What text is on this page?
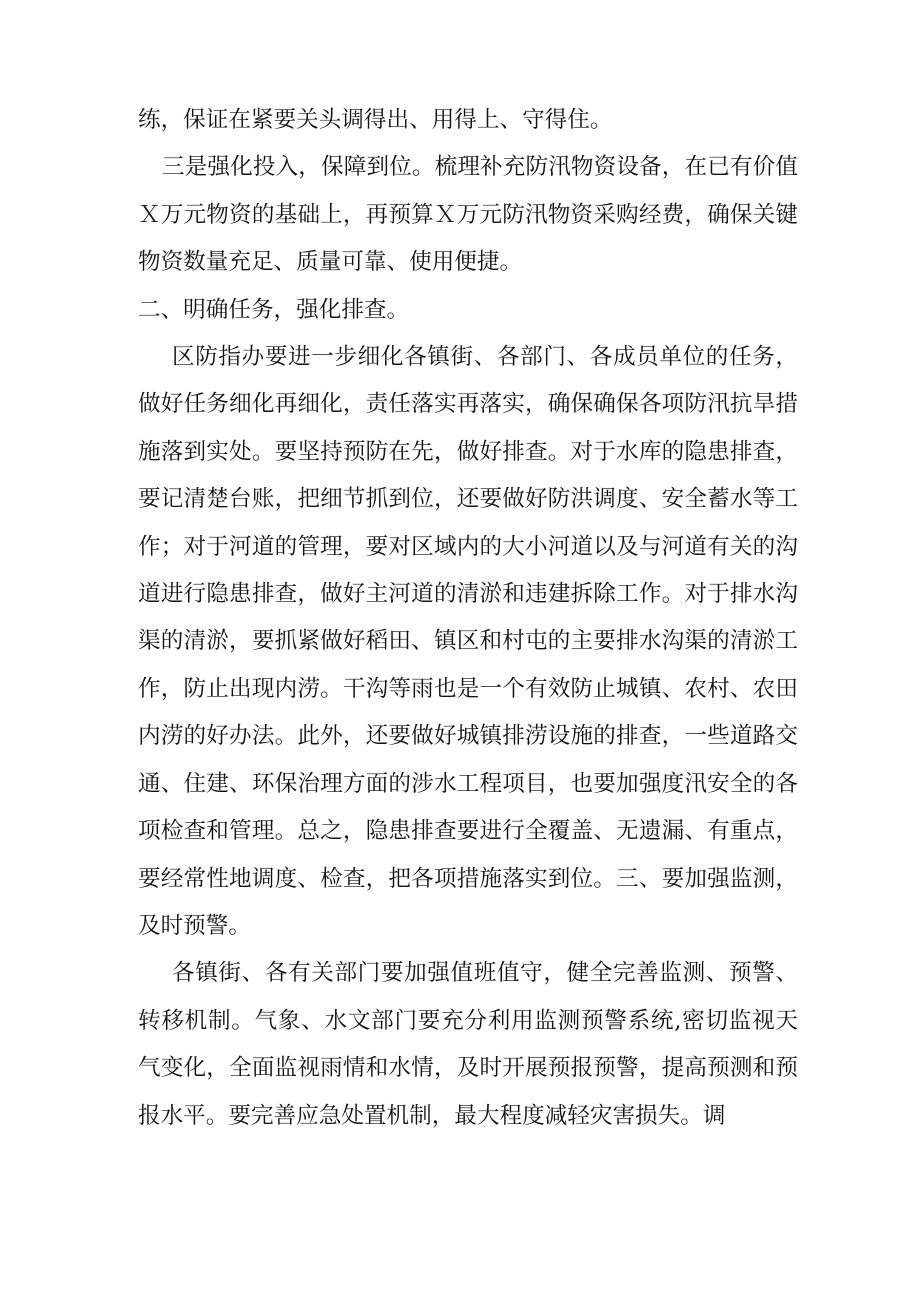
练，保证在紧要关头调得出、用得上、守得住。

三是强化投入，保障到位。梳理补充防汛物资设备，在已有价值Ｘ万元物资的基础上，再预算Ｘ万元防汛物资采购经费，确保关键物资数量充足、质量可靠、使用便捷。

二、明确任务，强化排查。

区防指办要进一步细化各镇街、各部门、各成员单位的任务，做好任务细化再细化，责任落实再落实，确保确保各项防汛抗旱措施落到实处。要坚持预防在先，做好排查。对于水库的隐患排查，要记清楚台账，把细节抓到位，还要做好防洪调度、安全蓄水等工作；对于河道的管理，要对区域内的大小河道以及与河道有关的沟道进行隐患排查，做好主河道的清淤和违建拆除工作。对于排水沟渠的清淤，要抓紧做好稻田、镇区和村屯的主要排水沟渠的清淤工作，防止出现内涝。干沟等雨也是一个有效防止城镇、农村、农田内涝的好办法。此外，还要做好城镇排涝设施的排查，一些道路交通、住建、环保治理方面的涉水工程项目，也要加强度汛安全的各项检查和管理。总之，隐患排查要进行全覆盖、无遗漏、有重点，要经常性地调度、检查，把各项措施落实到位。三、要加强监测，及时预警。

各镇街、各有关部门要加强值班值守，健全完善监测、预警、转移机制。气象、水文部门要充分利用监测预警系统,密切监视天气变化，全面监视雨情和水情，及时开展预报预警，提高预测和预报水平。要完善应急处置机制，最大程度减轻灾害损失。调
